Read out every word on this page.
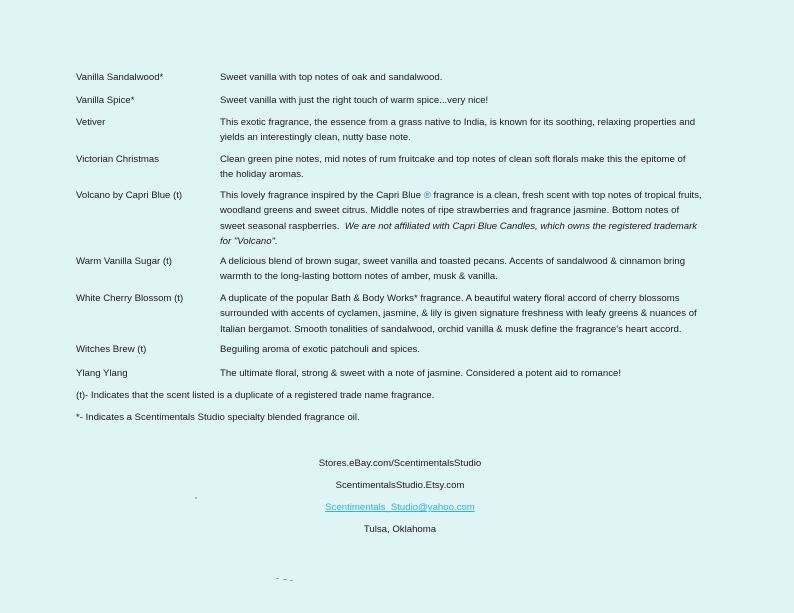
Vanilla Sandalwood*	Sweet vanilla with top notes of oak and sandalwood.
Vanilla Spice*	Sweet vanilla with just the right touch of warm spice...very nice!
Vetiver	This exotic fragrance, the essence from a grass native to India, is known for its soothing, relaxing properties and
yields an interestingly clean, nutty base note.
Victorian Christmas	Clean green pine notes, mid notes of rum fruitcake and top notes of clean soft florals make this the epitome of
the holiday aromas.
Volcano by Capri Blue (t)	This lovely fragrance inspired by the Capri Blue ® fragrance is a clean, fresh scent with top notes of tropical fruits,
woodland greens and sweet citrus. Middle notes of ripe strawberries and fragrance jasmine. Bottom notes of
sweet seasonal raspberries. We are not affiliated with Capri Blue Candles, which owns the registered trademark
for "Volcano".
Warm Vanilla Sugar (t)	A delicious blend of brown sugar, sweet vanilla and toasted pecans. Accents of sandalwood & cinnamon bring
warmth to the long-lasting bottom notes of amber, musk & vanilla.
White Cherry Blossom (t)	A duplicate of the popular Bath & Body Works* fragrance. A beautiful watery floral accord of cherry blossoms
surrounded with accents of cyclamen, jasmine, & lily is given signature freshness with leafy greens & nuances of
Italian bergamot. Smooth tonalities of sandalwood, orchid vanilla & musk define the fragrance's heart accord.
Witches Brew (t)	Beguiling aroma of exotic patchouli and spices.
Ylang Ylang	The ultimate floral, strong & sweet with a note of jasmine. Considered a potent aid to romance!
(t)- Indicates that the scent listed is a duplicate of a registered trade name fragrance.
*- Indicates a Scentimentals Studio specialty blended fragrance oil.
Stores.eBay.com/ScentimentalsStudio
ScentimentalsStudio.Etsy.com
Scentimentals_Studio@yahoo.com
Tulsa, Oklahoma
